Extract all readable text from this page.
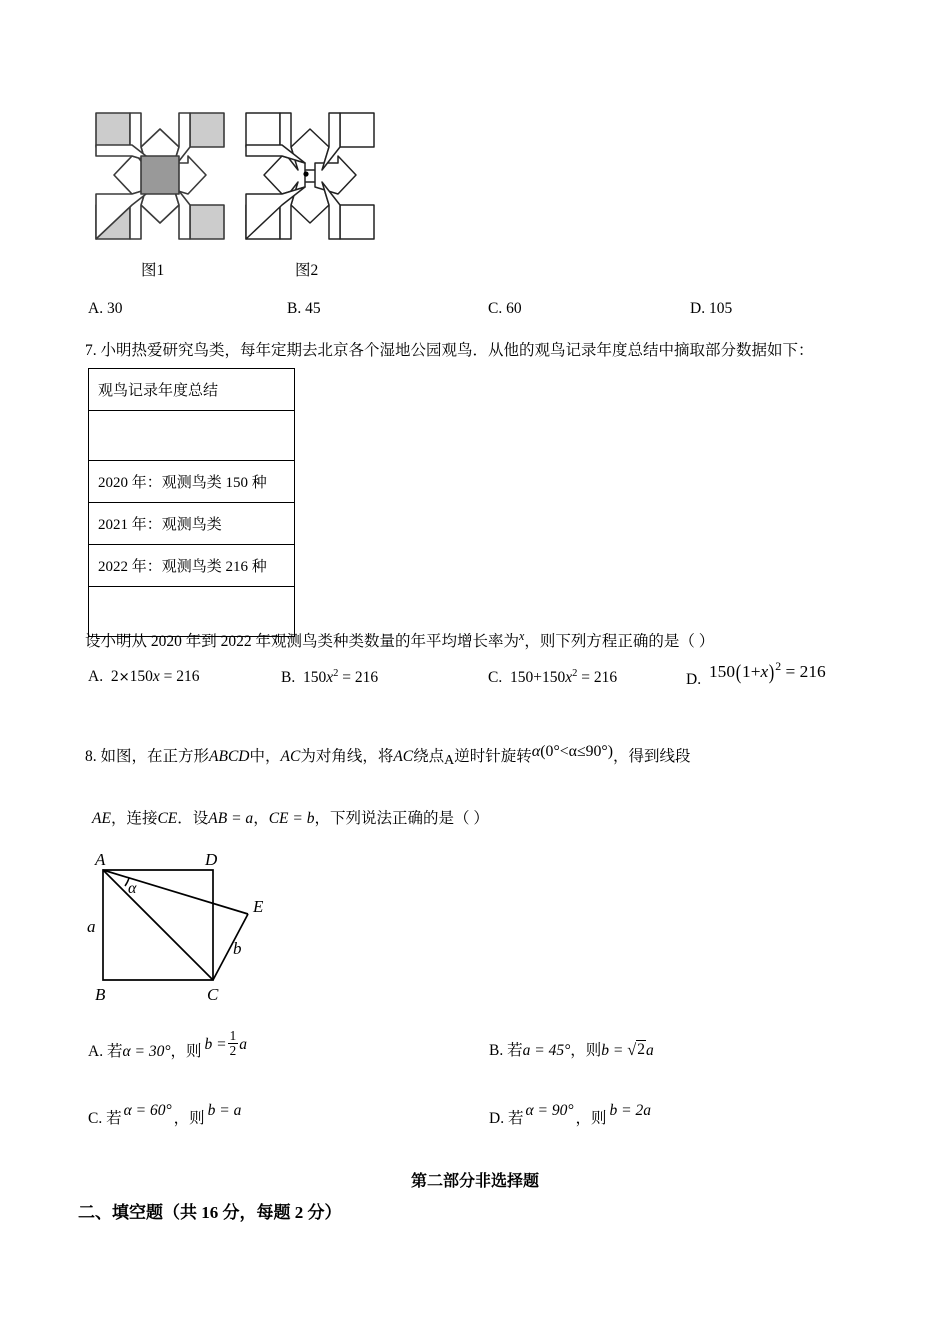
图1	图2
A. 30	B. 45	C. 60	D. 105
7. 小明热爱研究鸟类，每年定期去北京各个湿地公园观鸟．从他的观鸟记录年度总结中摘取部分数据如下：
观鸟记录年度总结

2020 年：观测鸟类 150 种
2021 年：观测鸟类
2022 年：观测鸟类 216 种

设小明从 2020 年到 2022 年观测鸟类种类数量的年平均增长率为$^x$，则下列方程正确的是（ ）
A. 2×150x = 216	B. $150x^2 = 216$	C. $150+150x^2 = 216$	D. $150(1+x)^2 = 216$
8. 如图，在正方形ABCD中，AC为对角线，将AC绕点A逆时针旋转α(0°<α≤90°)，得到线段
AE，连接CE．设AB = a，CE = b，下列说法正确的是（ ）
A
B	C
D
E
α
a
b
A. 若α = 30°，则 $b = \frac{1}{2}$ a	B. 若a = 45°，则b = √2a
C. 若 α = 60° ，则 b = a	D. 若 α = 90° ，则 b = 2a
第二部分非选择题
二、填空题（共 16 分，每题 2 分）
